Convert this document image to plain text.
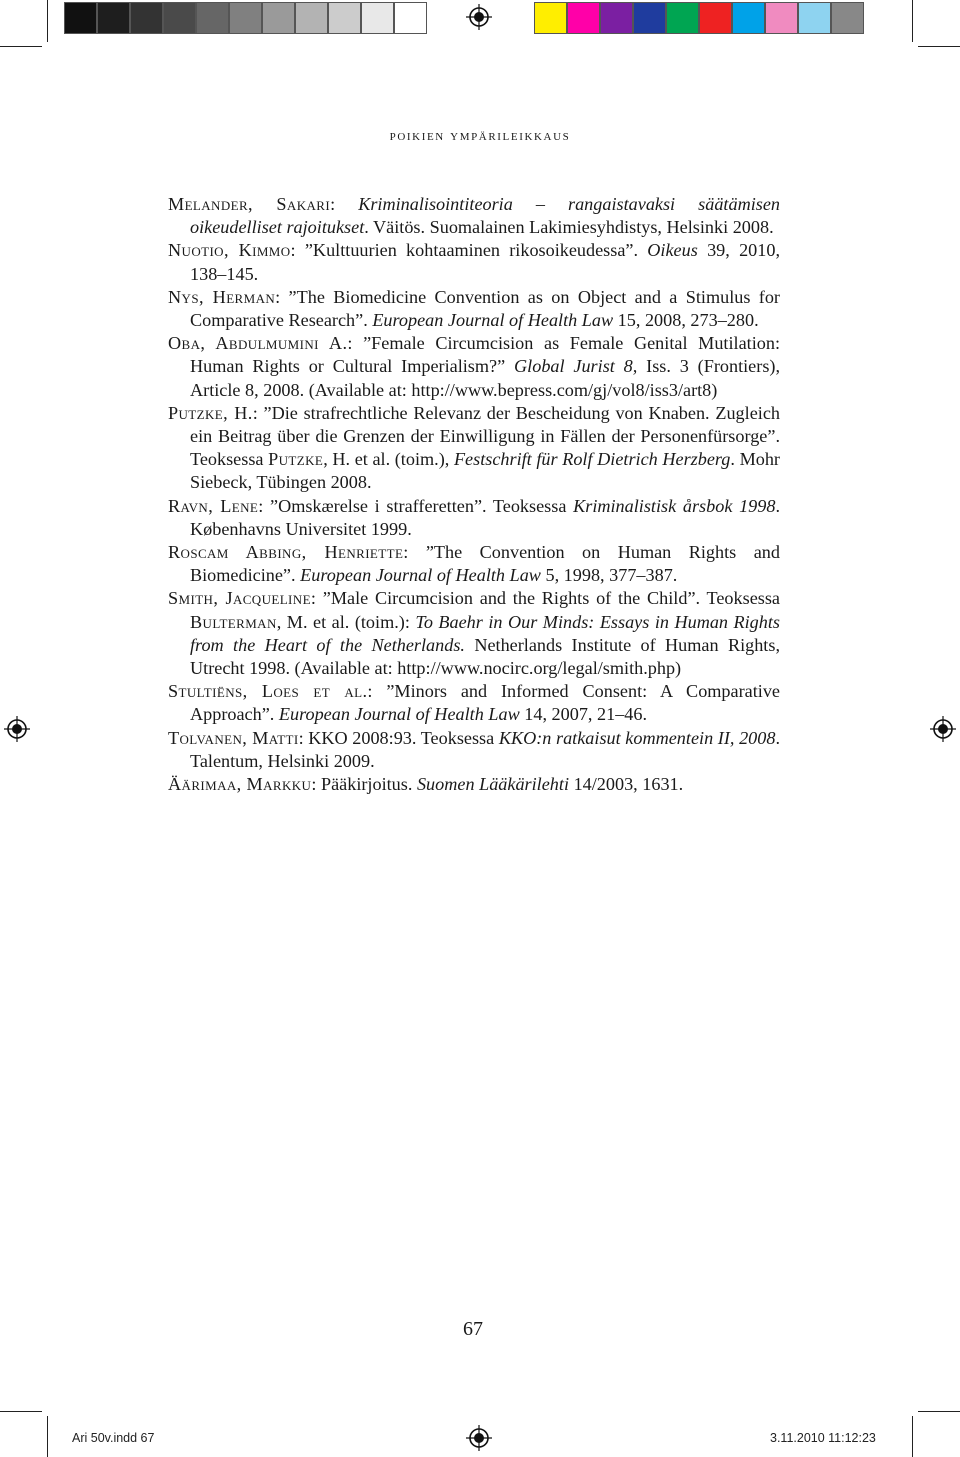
poikien ympärileikkaus
Melander, Sakari: Kriminalisointiteoria – rangaistavaksi säätämisen oikeudelliset rajoitukset. Väitös. Suomalainen Lakimiesyhdistys, Helsinki 2008.
Nuotio, Kimmo: ”Kulttuurien kohtaaminen rikosoikeudessa”. Oikeus 39, 2010, 138–145.
Nys, Herman: ”The Biomedicine Convention as on Object and a Stimulus for Comparative Research”. European Journal of Health Law 15, 2008, 273–280.
Oba, Abdulmumini A.: ”Female Circumcision as Female Genital Mutilation: Human Rights or Cultural Imperialism?” Global Jurist 8, Iss. 3 (Frontiers), Article 8, 2008. (Available at: http://www.bepress.com/gj/vol8/iss3/art8)
Putzke, H.: ”Die strafrechtliche Relevanz der Bescheidung von Knaben. Zugleich ein Beitrag über die Grenzen der Einwilligung in Fällen der Personenfürsorge”. Teoksessa Putzke, H. et al. (toim.), Festschrift für Rolf Dietrich Herzberg. Mohr Siebeck, Tübingen 2008.
Ravn, Lene: ”Omskærelse i strafferetten”. Teoksessa Kriminalistisk årsbok 1998. Københavns Universitet 1999.
Roscam Abbing, Henriette: ”The Convention on Human Rights and Biomedicine”. European Journal of Health Law 5, 1998, 377–387.
Smith, Jacqueline: ”Male Circumcision and the Rights of the Child”. Teoksessa Bulterman, M. et al. (toim.): To Baehr in Our Minds: Essays in Human Rights from the Heart of the Netherlands. Netherlands Institute of Human Rights, Utrecht 1998. (Available at: http://www.nocirc.org/legal/smith.php)
Stultiëns, Loes et al.: ”Minors and Informed Consent: A Comparative Approach”. European Journal of Health Law 14, 2007, 21–46.
Tolvanen, Matti: KKO 2008:93. Teoksessa KKO:n ratkaisut kommentein II, 2008. Talentum, Helsinki 2009.
Äärimaa, Markku: Pääkirjoitus. Suomen Lääkärilehti 14/2003, 1631.
67
Ari 50v.indd 67	3.11.2010 11:12:23
